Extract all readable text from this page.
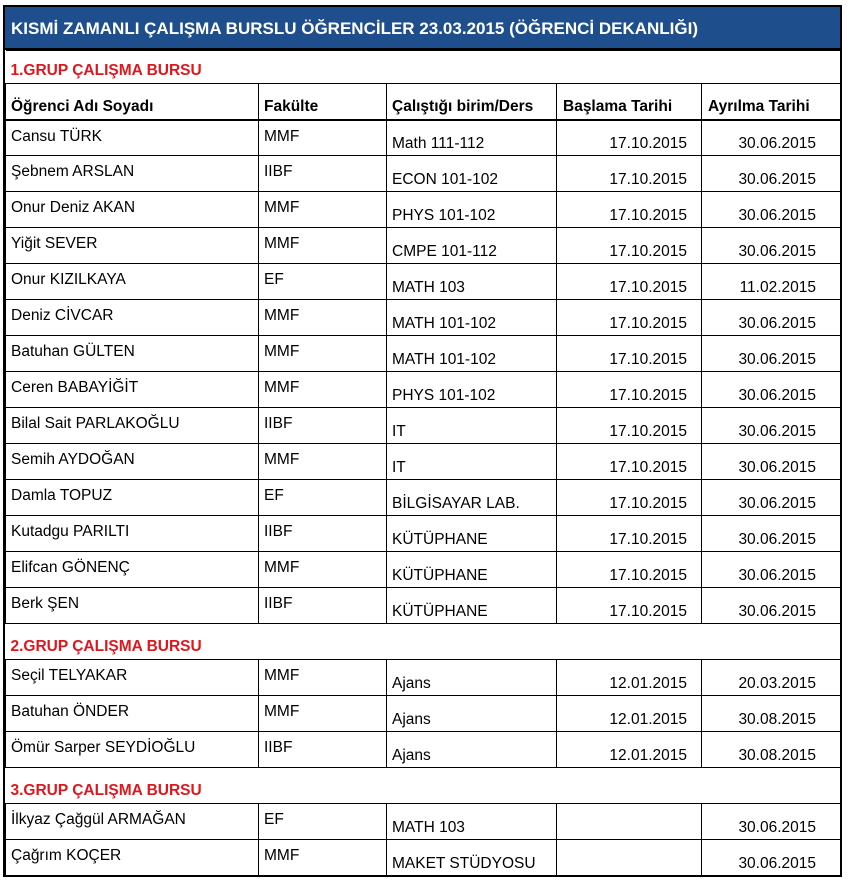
KISMİ ZAMANLI ÇALIŞMA BURSLU ÖĞRENCİLER 23.03.2015 (ÖĞRENCİ DEKANLIĞI)
1.GRUP ÇALIŞMA BURSU				
Öğrenci Adı Soyadı	Fakülte	Çalıştığı birim/Ders	Başlama Tarihi	Ayrılma Tarihi
Cansu TÜRK	MMF	Math 111-112	17.10.2015	30.06.2015
Şebnem ARSLAN	IIBF	ECON 101-102	17.10.2015	30.06.2015
Onur Deniz AKAN	MMF	PHYS 101-102	17.10.2015	30.06.2015
Yiğit SEVER	MMF	CMPE 101-112	17.10.2015	30.06.2015
Onur KIZILKAYA	EF	MATH 103	17.10.2015	11.02.2015
Deniz CİVCAR	MMF	MATH 101-102	17.10.2015	30.06.2015
Batuhan GÜLTEN	MMF	MATH 101-102	17.10.2015	30.06.2015
Ceren BABAYİĞİT	MMF	PHYS 101-102	17.10.2015	30.06.2015
Bilal Sait PARLAKOĞLU	IIBF	IT	17.10.2015	30.06.2015
Semih AYDOĞAN	MMF	IT	17.10.2015	30.06.2015
Damla TOPUZ	EF	BİLGİSAYAR LAB.	17.10.2015	30.06.2015
Kutadgu PARILTI	IIBF	KÜTÜPHANE	17.10.2015	30.06.2015
Elifcan GÖNENÇ	MMF	KÜTÜPHANE	17.10.2015	30.06.2015
Berk ŞEN	IIBF	KÜTÜPHANE	17.10.2015	30.06.2015
2.GRUP ÇALIŞMA BURSU				
Seçil TELYAKAR	MMF	Ajans	12.01.2015	20.03.2015
Batuhan ÖNDER	MMF	Ajans	12.01.2015	30.08.2015
Ömür Sarper SEYDİOĞLU	IIBF	Ajans	12.01.2015	30.08.2015
3.GRUP ÇALIŞMA BURSU				
İlkyaz Çağgül ARMAĞAN	EF	MATH 103		30.06.2015
Çağrım KOÇER	MMF	MAKET STÜDYOSU		30.06.2015
